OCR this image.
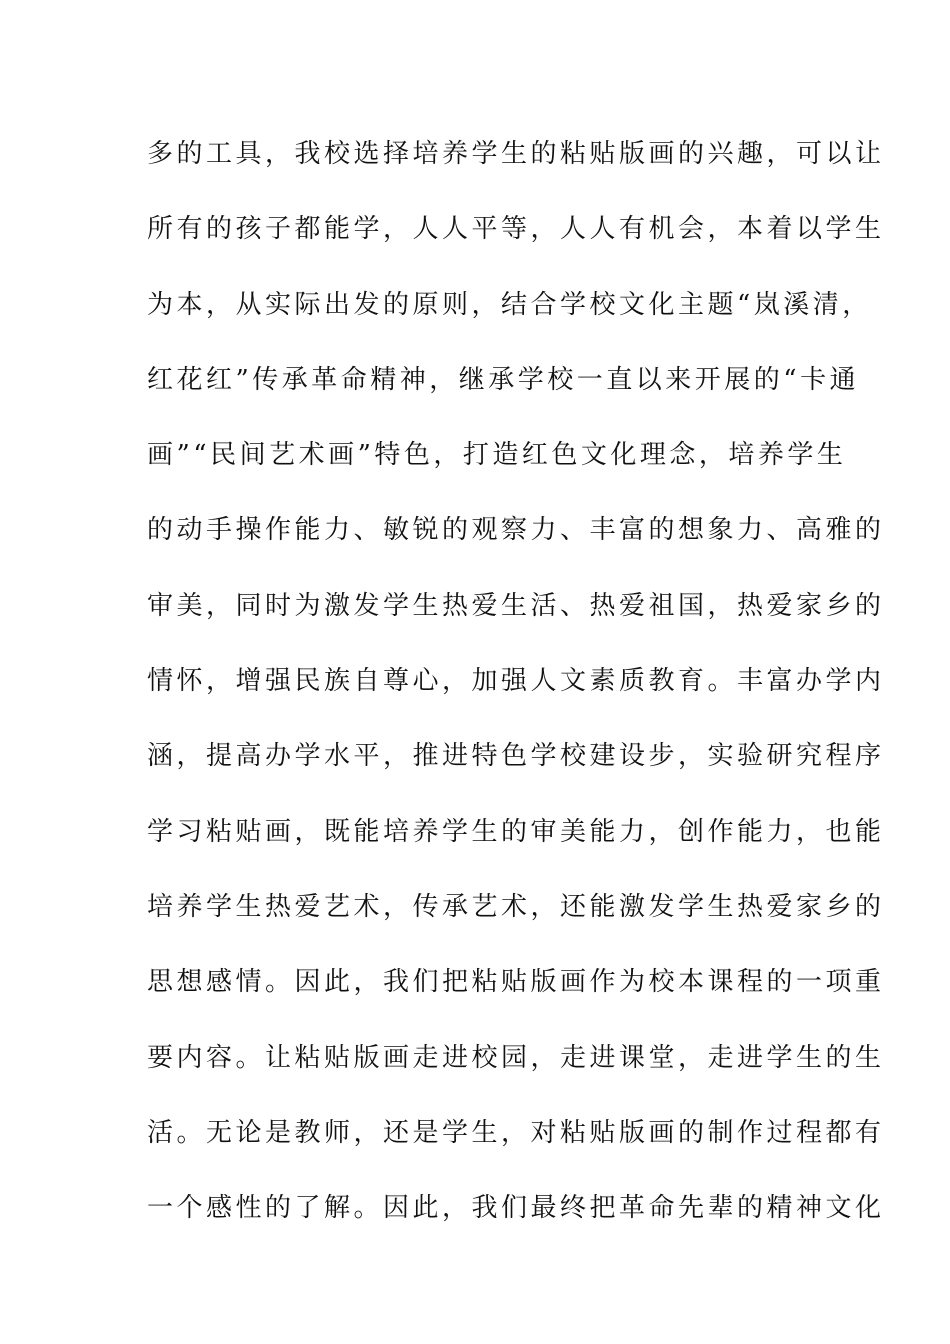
多的工具，我校选择培养学生的粘贴版画的兴趣，可以让
所有的孩子都能学，人人平等，人人有机会，本着以学生
为本，从实际出发的原则，结合学校文化主题“岚溪清，
红花红”传承革命精神，继承学校一直以来开展的“卡通
画”“民间艺术画”特色，打造红色文化理念，培养学生
的动手操作能力、敏锐的观察力、丰富的想象力、高雅的
审美，同时为激发学生热爱生活、热爱祖国，热爱家乡的
情怀，增强民族自尊心，加强人文素质教育。丰富办学内
涵，提高办学水平，推进特色学校建设步，实验研究程序
学习粘贴画，既能培养学生的审美能力，创作能力，也能
培养学生热爱艺术，传承艺术，还能激发学生热爱家乡的
思想感情。因此，我们把粘贴版画作为校本课程的一项重
要内容。让粘贴版画走进校园，走进课堂，走进学生的生
活。无论是教师，还是学生，对粘贴版画的制作过程都有
一个感性的了解。因此，我们最终把革命先辈的精神文化
